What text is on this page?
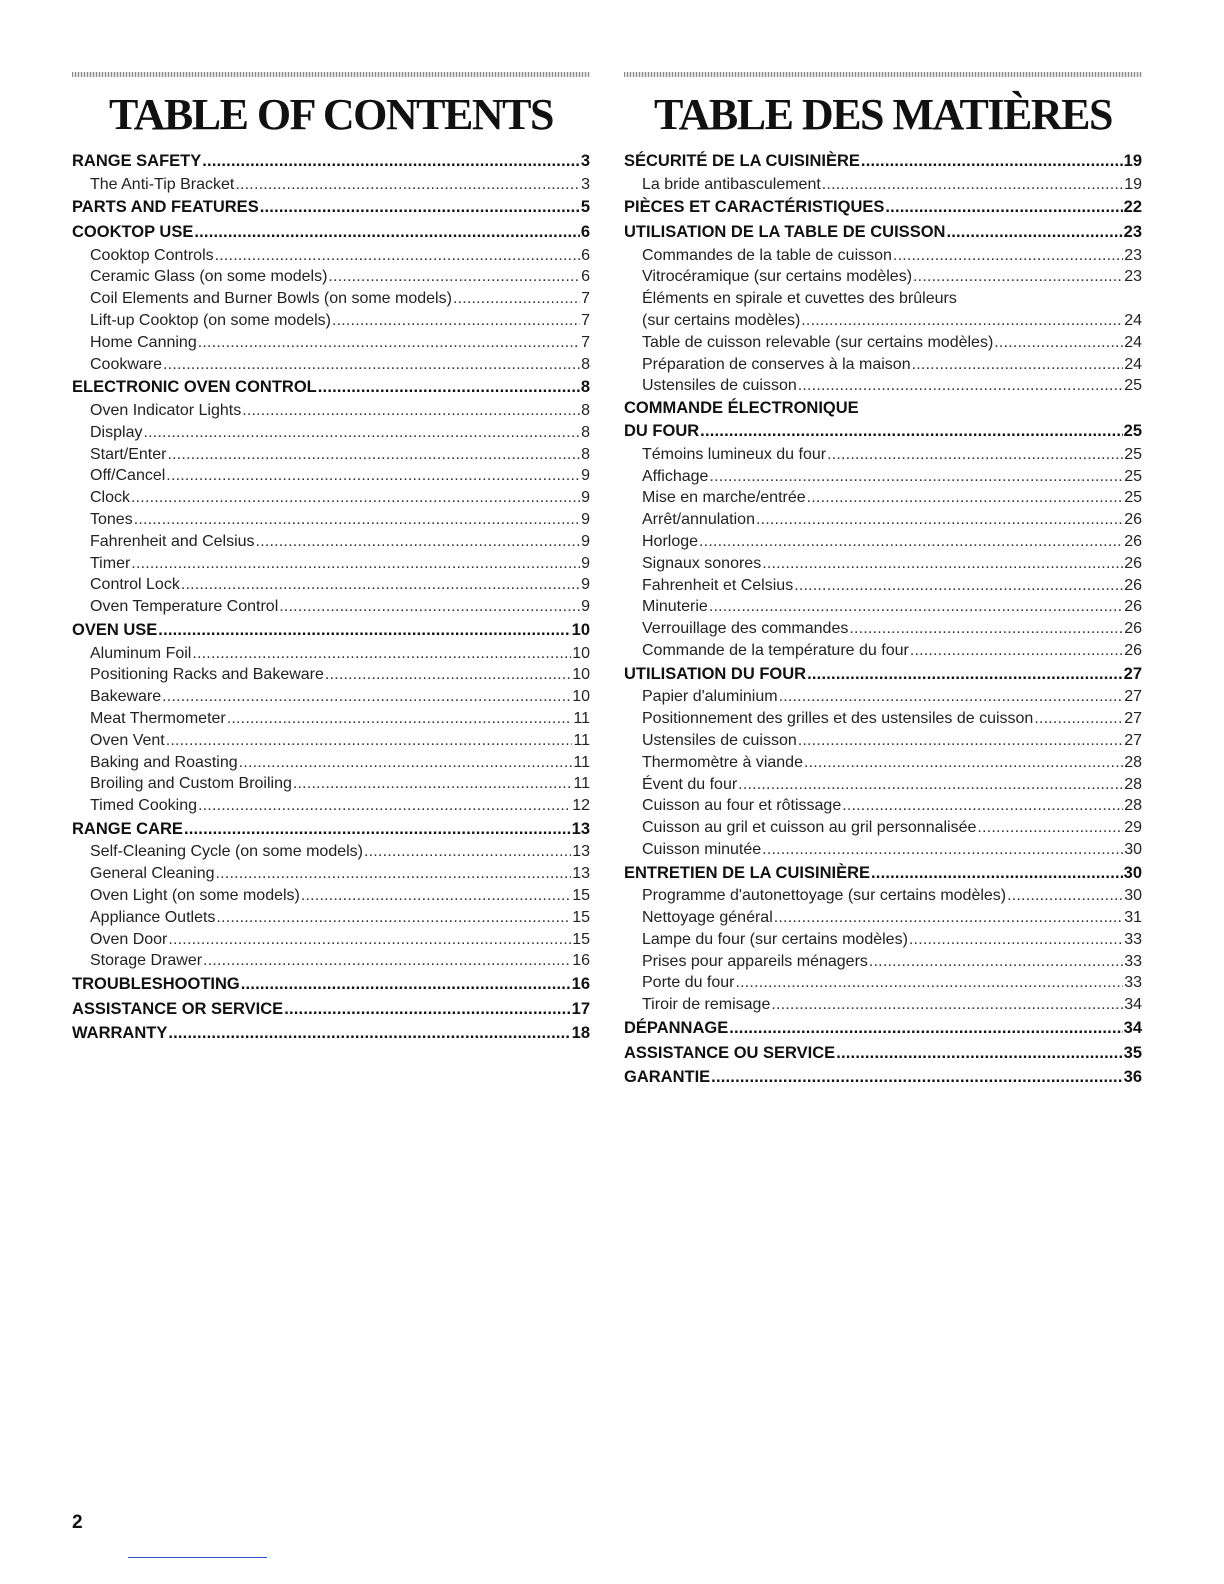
TABLE OF CONTENTS
RANGE SAFETY .....	3
The Anti-Tip Bracket .....	3
PARTS AND FEATURES .....	5
COOKTOP USE .....	6
Cooktop Controls .....	6
Ceramic Glass (on some models) .....	6
Coil Elements and Burner Bowls (on some models) .....	7
Lift-up Cooktop (on some models) .....	7
Home Canning .....	7
Cookware .....	8
ELECTRONIC OVEN CONTROL .....	8
Oven Indicator Lights .....	8
Display .....	8
Start/Enter .....	8
Off/Cancel .....	9
Clock .....	9
Tones .....	9
Fahrenheit and Celsius .....	9
Timer .....	9
Control Lock .....	9
Oven Temperature Control .....	9
OVEN USE .....	10
Aluminum Foil .....	10
Positioning Racks and Bakeware .....	10
Bakeware .....	10
Meat Thermometer .....	11
Oven Vent .....	11
Baking and Roasting .....	11
Broiling and Custom Broiling .....	11
Timed Cooking .....	12
RANGE CARE .....	13
Self-Cleaning Cycle (on some models) .....	13
General Cleaning .....	13
Oven Light (on some models) .....	15
Appliance Outlets .....	15
Oven Door .....	15
Storage Drawer .....	16
TROUBLESHOOTING .....	16
ASSISTANCE OR SERVICE .....	17
WARRANTY .....	18
TABLE DES MATIÈRES
SÉCURITÉ DE LA CUISINIÈRE .....	19
La bride antibasculement .....	19
PIÈCES ET CARACTÉRISTIQUES .....	22
UTILISATION DE LA TABLE DE CUISSON .....	23
Commandes de la table de cuisson .....	23
Vitrocéramique (sur certains modèles) .....	23
Éléments en spirale et cuvettes des brûleurs
(sur certains modèles) .....	24
Table de cuisson relevable (sur certains modèles) .....	24
Préparation de conserves à la maison .....	24
Ustensiles de cuisson .....	25
COMMANDE ÉLECTRONIQUE
DU FOUR .....	25
Témoins lumineux du four .....	25
Affichage .....	25
Mise en marche/entrée .....	25
Arrêt/annulation .....	26
Horloge .....	26
Signaux sonores .....	26
Fahrenheit et Celsius .....	26
Minuterie .....	26
Verrouillage des commandes .....	26
Commande de la température du four .....	26
UTILISATION DU FOUR .....	27
Papier d'aluminium .....	27
Positionnement des grilles et des ustensiles de cuisson .....	27
Ustensiles de cuisson .....	27
Thermomètre à viande .....	28
Évent du four .....	28
Cuisson au four et rôtissage .....	28
Cuisson au gril et cuisson au gril personnalisée .....	29
Cuisson minutée .....	30
ENTRETIEN DE LA CUISINIÈRE .....	30
Programme d'autonettoyage (sur certains modèles) .....	30
Nettoyage général .....	31
Lampe du four (sur certains modèles) .....	33
Prises pour appareils ménagers .....	33
Porte du four .....	33
Tiroir de remisage .....	34
DÉPANNAGE .....	34
ASSISTANCE OU SERVICE .....	35
GARANTIE .....	36
2
